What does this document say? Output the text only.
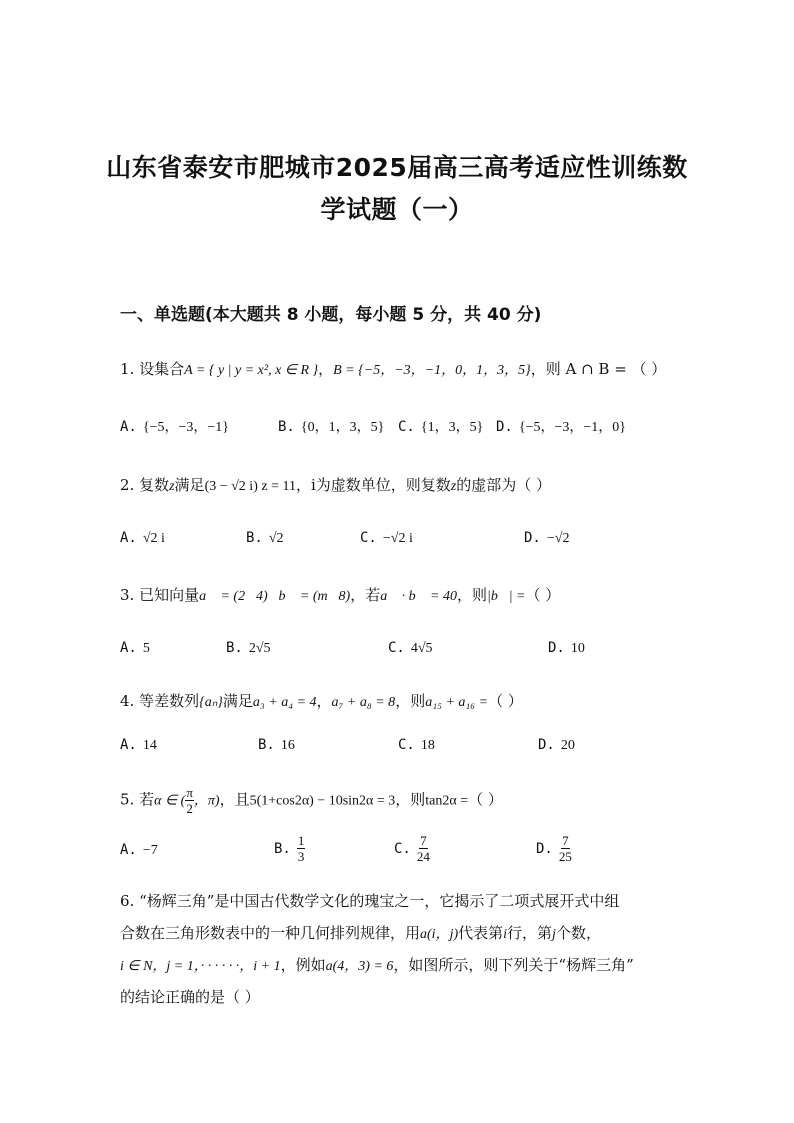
山东省泰安市肥城市2025届高三高考适应性训练数
学试题（一）
一、单选题(本大题共 8 小题，每小题 5 分，共 40 分)
1. 设集合A = { y | y = x², x ∈ R }，B = {−5，−3，−1，0，1，3，5}，则 A ∩ B = （ ）
A. {−5，−3，−1}	B. {0，1，3，5} C. {1，3，5} D. {−5，−3，−1，0}
2. 复数z满足(3 − √2 i) z = 11，i为虚数单位，则复数z的虚部为（ ）
A. √2 i	B. √2	C. −√2 i	D. −√2
3. 已知向量a⃗ = (2，4)，b⃗ = (m，8)，若a⃗ · b⃗ = 40，则|b⃗| =（ ）
A. 5	B. 2√5	C. 4√5	D. 10
4. 等差数列{aₙ}满足a₃ + a₄ = 4，a₇ + a₈ = 8，则a₁₅ + a₁₆ =（ ）
A. 14	B. 16	C. 18	D. 20
5. 若α ∈ ( $\frac{\pi}{2}$ ，π)，且5(1+cos2α) − 10sin2α = 3，则tan2α =（ ）
A. −7	B. $\frac{1}{3}$	C. $\frac{7}{24}$	D. $\frac{7}{25}$
6. “杨辉三角”是中国古代数学文化的瑰宝之一，它揭示了二项式展开式中组
合数在三角形数表中的一种几何排列规律，用a(i，j)代表第i行，第j个数，
i ∈ N，j = 1，· · · · · ·，i + 1，例如a(4，3) = 6，如图所示，则下列关于“杨辉三角”
的结论正确的是（ ）
